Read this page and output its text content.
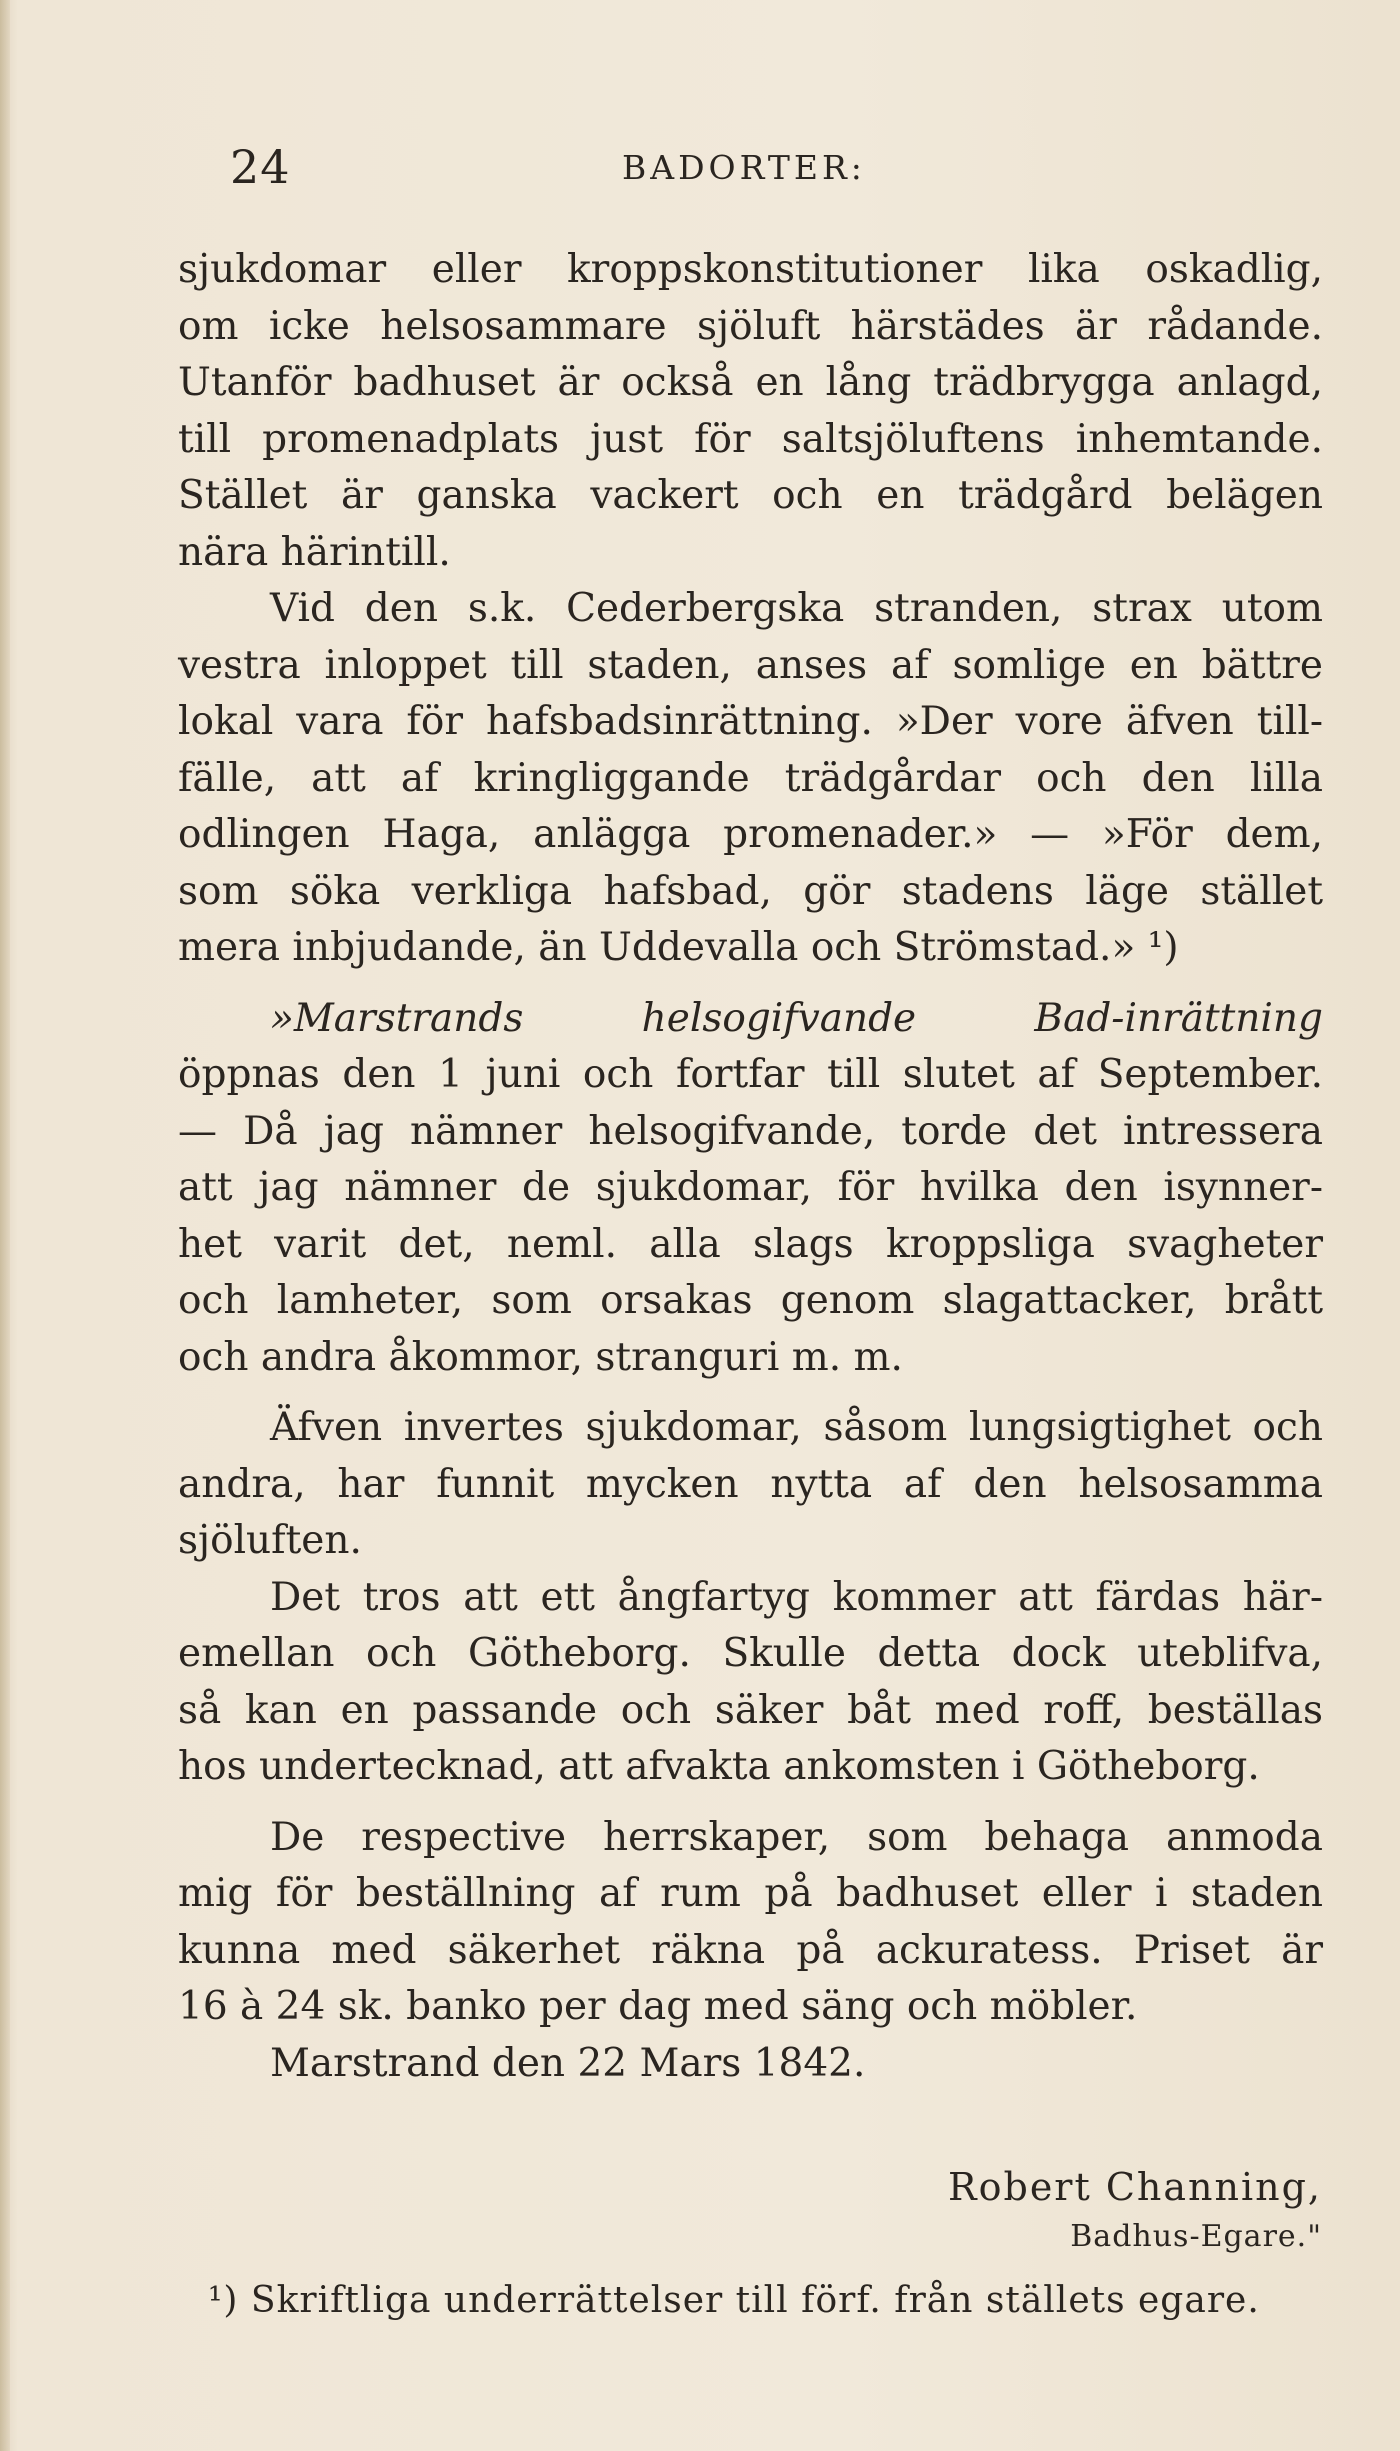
24	BADORTER:
sjukdomar eller kroppskonstitutioner lika oskadlig,
om icke helsosammare sjöluft härstädes är rådande.
Utanför badhuset är också en lång trädbrygga anlagd,
till promenadplats just för saltsjöluftens inhemtande.
Stället är ganska vackert och en trädgård belägen
nära härintill.
Vid den s.k. Cederbergska stranden, strax utom
vestra inloppet till staden, anses af somlige en bättre
lokal vara för hafsbadsinrättning. »Der vore äfven till-
fälle, att af kringliggande trädgårdar och den lilla
odlingen Haga, anlägga promenader.» — »För dem,
som söka verkliga hafsbad, gör stadens läge stället
mera inbjudande, än Uddevalla och Strömstad.» ¹)
»Marstrands helsogifvande Bad-inrättning
öppnas den 1 juni och fortfar till slutet af September.
— Då jag nämner helsogifvande, torde det intressera
att jag nämner de sjukdomar, för hvilka den isynner-
het varit det, neml. alla slags kroppsliga svagheter
och lamheter, som orsakas genom slagattacker, brått
och andra åkommor, stranguri m. m.
Äfven invertes sjukdomar, såsom lungsigtighet och
andra, har funnit mycken nytta af den helsosamma
sjöluften.
Det tros att ett ångfartyg kommer att färdas här-
emellan och Götheborg. Skulle detta dock uteblifva,
så kan en passande och säker båt med roff, beställas
hos undertecknad, att afvakta ankomsten i Götheborg.
De respective herrskaper, som behaga anmoda
mig för beställning af rum på badhuset eller i staden
kunna med säkerhet räkna på ackuratess. Priset är
16 à 24 sk. banko per dag med säng och möbler.
Marstrand den 22 Mars 1842.
Robert Channing,
Badhus-Egare."
¹) Skriftliga underrättelser till förf. från ställets egare.
